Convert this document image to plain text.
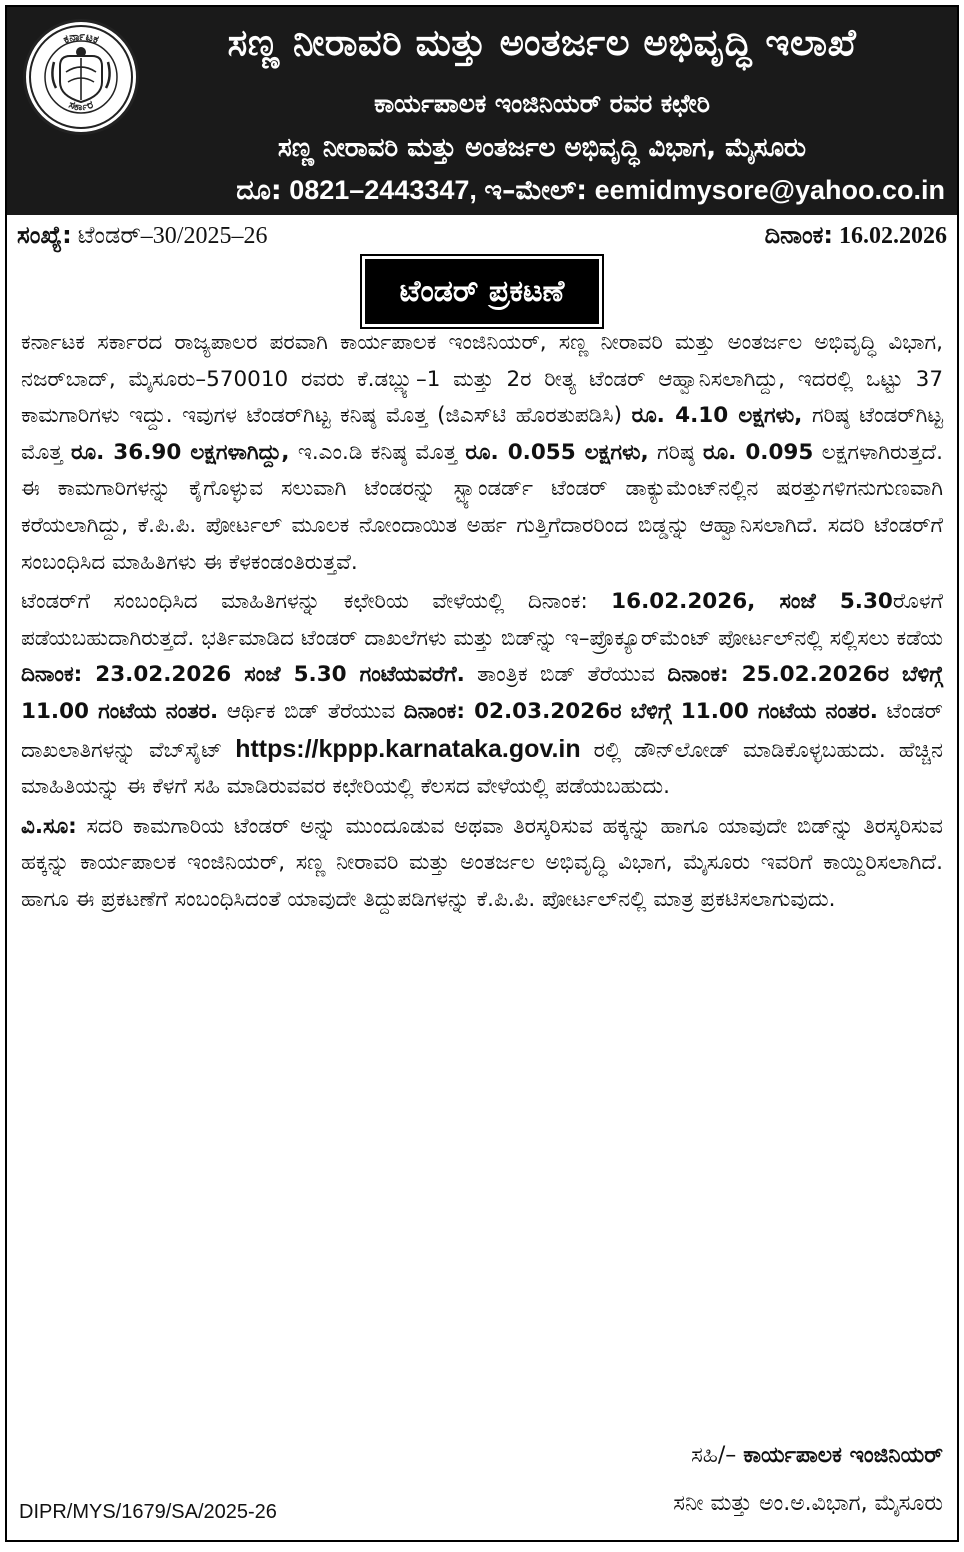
ಕರ್ನಾಟಕ
ಸರ್ಕಾರ
ಸಣ್ಣ ನೀರಾವರಿ ಮತ್ತು ಅಂತರ್ಜಲ ಅಭಿವೃದ್ಧಿ ಇಲಾಖೆ
ಕಾರ್ಯಪಾಲಕ ಇಂಜಿನಿಯರ್ ರವರ ಕಛೇರಿ
ಸಣ್ಣ ನೀರಾವರಿ ಮತ್ತು ಅಂತರ್ಜಲ ಅಭಿವೃದ್ಧಿ ವಿಭಾಗ, ಮೈಸೂರು
ದೂ: 0821–2443347, ಇ–ಮೇಲ್: eemidmysore@yahoo.co.in
ಸಂಖ್ಯೆ: ಟೆಂಡರ್–30/2025–26	ದಿನಾಂಕ: 16.02.2026
ಟೆಂಡರ್ ಪ್ರಕಟಣೆ

ಕರ್ನಾಟಕ ಸರ್ಕಾರದ ರಾಜ್ಯಪಾಲರ ಪರವಾಗಿ ಕಾರ್ಯಪಾಲಕ ಇಂಜಿನಿಯರ್, ಸಣ್ಣ ನೀರಾವರಿ ಮತ್ತು ಅಂತರ್ಜಲ ಅಭಿವೃದ್ಧಿ ವಿಭಾಗ, ನಜರ್‌ಬಾದ್, ಮೈಸೂರು–570010 ರವರು ಕೆ.ಡಬ್ಲ್ಯು–1 ಮತ್ತು 2ರ ರೀತ್ಯ ಟೆಂಡರ್ ಆಹ್ವಾನಿಸಲಾಗಿದ್ದು, ಇದರಲ್ಲಿ ಒಟ್ಟು 37 ಕಾಮಗಾರಿಗಳು ಇದ್ದು. ಇವುಗಳ ಟೆಂಡರ್‌ಗಿಟ್ಟ ಕನಿಷ್ಠ ಮೊತ್ತ (ಜಿಎಸ್‌ಟಿ ಹೊರತುಪಡಿಸಿ) ರೂ. 4.10 ಲಕ್ಷಗಳು, ಗರಿಷ್ಠ ಟೆಂಡರ್‌ಗಿಟ್ಟ ಮೊತ್ತ ರೂ. 36.90 ಲಕ್ಷಗಳಾಗಿದ್ದು, ಇ.ಎಂ.ಡಿ ಕನಿಷ್ಠ ಮೊತ್ತ ರೂ. 0.055 ಲಕ್ಷಗಳು, ಗರಿಷ್ಠ ರೂ. 0.095 ಲಕ್ಷಗಳಾಗಿರುತ್ತದೆ. ಈ ಕಾಮಗಾರಿಗಳನ್ನು ಕೈಗೊಳ್ಳುವ ಸಲುವಾಗಿ ಟೆಂಡರನ್ನು ಸ್ಟ್ಯಾಂಡರ್ಡ್ ಟೆಂಡರ್ ಡಾಕ್ಯುಮೆಂಟ್‌ನಲ್ಲಿನ ಷರತ್ತುಗಳಿಗನುಗುಣವಾಗಿ ಕರೆಯಲಾಗಿದ್ದು, ಕೆ.ಪಿ.ಪಿ. ಪೋರ್ಟಲ್ ಮೂಲಕ ನೋಂದಾಯಿತ ಅರ್ಹ ಗುತ್ತಿಗೆದಾರರಿಂದ ಬಿಡ್ಡನ್ನು ಆಹ್ವಾನಿಸಲಾಗಿದೆ. ಸದರಿ ಟೆಂಡರ್‌ಗೆ ಸಂಬಂಧಿಸಿದ ಮಾಹಿತಿಗಳು ಈ ಕೆಳಕಂಡಂತಿರುತ್ತವೆ.

ಟೆಂಡರ್‌ಗೆ ಸಂಬಂಧಿಸಿದ ಮಾಹಿತಿಗಳನ್ನು ಕಛೇರಿಯ ವೇಳೆಯಲ್ಲಿ ದಿನಾಂಕ: 16.02.2026, ಸಂಜೆ 5.30ರೊಳಗೆ ಪಡೆಯಬಹುದಾಗಿರುತ್ತದೆ. ಭರ್ತಿಮಾಡಿದ ಟೆಂಡರ್ ದಾಖಲೆಗಳು ಮತ್ತು ಬಿಡ್‌ನ್ನು ಇ–ಪ್ರೊಕ್ಯೂರ್‌ಮೆಂಟ್ ಪೋರ್ಟಲ್‌ನಲ್ಲಿ ಸಲ್ಲಿಸಲು ಕಡೆಯ ದಿನಾಂಕ: 23.02.2026 ಸಂಜೆ 5.30 ಗಂಟೆಯವರೆಗೆ. ತಾಂತ್ರಿಕ ಬಿಡ್ ತೆರೆಯುವ ದಿನಾಂಕ: 25.02.2026ರ ಬೆಳಿಗ್ಗೆ 11.00 ಗಂಟೆಯ ನಂತರ. ಆರ್ಥಿಕ ಬಿಡ್ ತೆರೆಯುವ ದಿನಾಂಕ: 02.03.2026ರ ಬೆಳಿಗ್ಗೆ 11.00 ಗಂಟೆಯ ನಂತರ. ಟೆಂಡರ್ ದಾಖಲಾತಿಗಳನ್ನು ವೆಬ್‌ಸೈಟ್ https://kppp.karnataka.gov.in ರಲ್ಲಿ ಡೌನ್‌ಲೋಡ್ ಮಾಡಿಕೊಳ್ಳಬಹುದು. ಹೆಚ್ಚಿನ ಮಾಹಿತಿಯನ್ನು ಈ ಕೆಳಗೆ ಸಹಿ ಮಾಡಿರುವವರ ಕಛೇರಿಯಲ್ಲಿ ಕೆಲಸದ ವೇಳೆಯಲ್ಲಿ ಪಡೆಯಬಹುದು.

ವಿ.ಸೂ: ಸದರಿ ಕಾಮಗಾರಿಯ ಟೆಂಡರ್ ಅನ್ನು ಮುಂದೂಡುವ ಅಥವಾ ತಿರಸ್ಕರಿಸುವ ಹಕ್ಕನ್ನು ಹಾಗೂ ಯಾವುದೇ ಬಿಡ್‌ನ್ನು ತಿರಸ್ಕರಿಸುವ ಹಕ್ಕನ್ನು ಕಾರ್ಯಪಾಲಕ ಇಂಜಿನಿಯರ್, ಸಣ್ಣ ನೀರಾವರಿ ಮತ್ತು ಅಂತರ್ಜಲ ಅಭಿವೃದ್ಧಿ ವಿಭಾಗ, ಮೈಸೂರು ಇವರಿಗೆ ಕಾಯ್ದಿರಿಸಲಾಗಿದೆ. ಹಾಗೂ ಈ ಪ್ರಕಟಣೆಗೆ ಸಂಬಂಧಿಸಿದಂತೆ ಯಾವುದೇ ತಿದ್ದುಪಡಿಗಳನ್ನು ಕೆ.ಪಿ.ಪಿ. ಪೋರ್ಟಲ್‌ನಲ್ಲಿ ಮಾತ್ರ ಪ್ರಕಟಿಸಲಾಗುವುದು.

ಸಹಿ/– ಕಾರ್ಯಪಾಲಕ ಇಂಜಿನಿಯರ್
ಸನೀ ಮತ್ತು ಅಂ.ಅ.ವಿಭಾಗ, ಮೈಸೂರು
DIPR/MYS/1679/SA/2025-26
